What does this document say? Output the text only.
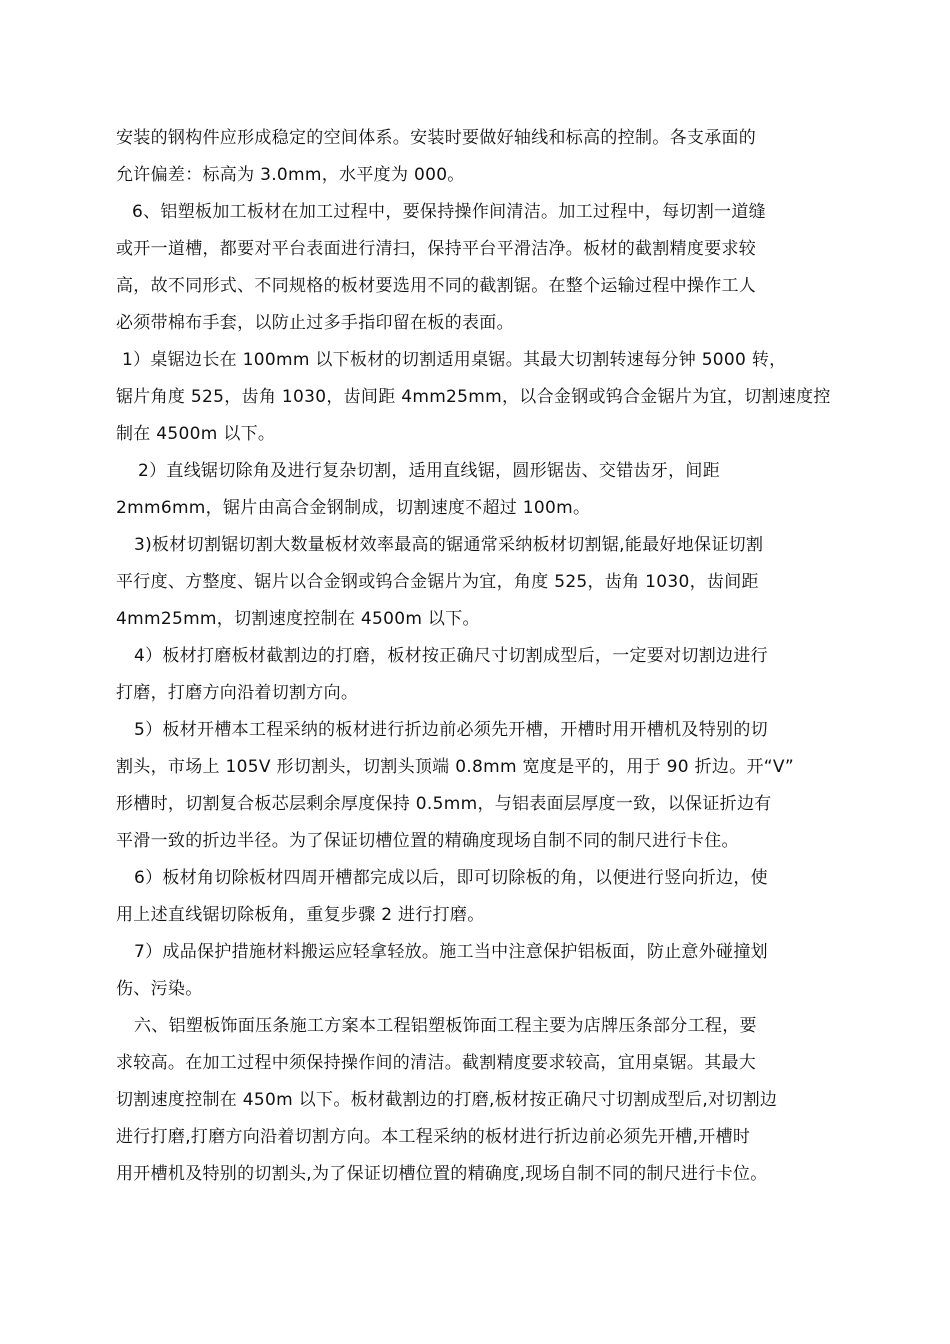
安装的钢构件应形成稳定的空间体系。安装时要做好轴线和标高的控制。各支承面的
允许偏差：标高为 3.0mm，水平度为 000。
6、铝塑板加工板材在加工过程中，要保持操作间清洁。加工过程中，每切割一道缝
或开一道槽，都要对平台表面进行清扫，保持平台平滑洁净。板材的截割精度要求较
高，故不同形式、不同规格的板材要选用不同的截割锯。在整个运输过程中操作工人
必须带棉布手套，以防止过多手指印留在板的表面。
1）桌锯边长在 100mm 以下板材的切割适用桌锯。其最大切割转速每分钟 5000 转，
锯片角度 525，齿角 1030，齿间距 4mm25mm，以合金钢或钨合金锯片为宜，切割速度控
制在 4500m 以下。
2）直线锯切除角及进行复杂切割，适用直线锯，圆形锯齿、交错齿牙，间距
2mm6mm，锯片由高合金钢制成，切割速度不超过 100m。
3)板材切割锯切割大数量板材效率最高的锯通常采纳板材切割锯,能最好地保证切割
平行度、方整度、锯片以合金钢或钨合金锯片为宜，角度 525，齿角 1030，齿间距
4mm25mm，切割速度控制在 4500m 以下。
4）板材打磨板材截割边的打磨，板材按正确尺寸切割成型后，一定要对切割边进行
打磨，打磨方向沿着切割方向。
5）板材开槽本工程采纳的板材进行折边前必须先开槽，开槽时用开槽机及特别的切
割头，市场上 105V 形切割头，切割头顶端 0.8mm 宽度是平的，用于 90 折边。开“V”
形槽时，切割复合板芯层剩余厚度保持 0.5mm，与铝表面层厚度一致，以保证折边有
平滑一致的折边半径。为了保证切槽位置的精确度现场自制不同的制尺进行卡住。
6）板材角切除板材四周开槽都完成以后，即可切除板的角，以便进行竖向折边，使
用上述直线锯切除板角，重复步骤 2 进行打磨。
7）成品保护措施材料搬运应轻拿轻放。施工当中注意保护铝板面，防止意外碰撞划
伤、污染。
六、铝塑板饰面压条施工方案本工程铝塑板饰面工程主要为店牌压条部分工程，要
求较高。在加工过程中须保持操作间的清洁。截割精度要求较高，宜用桌锯。其最大
切割速度控制在 450m 以下。板材截割边的打磨,板材按正确尺寸切割成型后,对切割边
进行打磨,打磨方向沿着切割方向。本工程采纳的板材进行折边前必须先开槽,开槽时
用开槽机及特别的切割头,为了保证切槽位置的精确度,现场自制不同的制尺进行卡位。
